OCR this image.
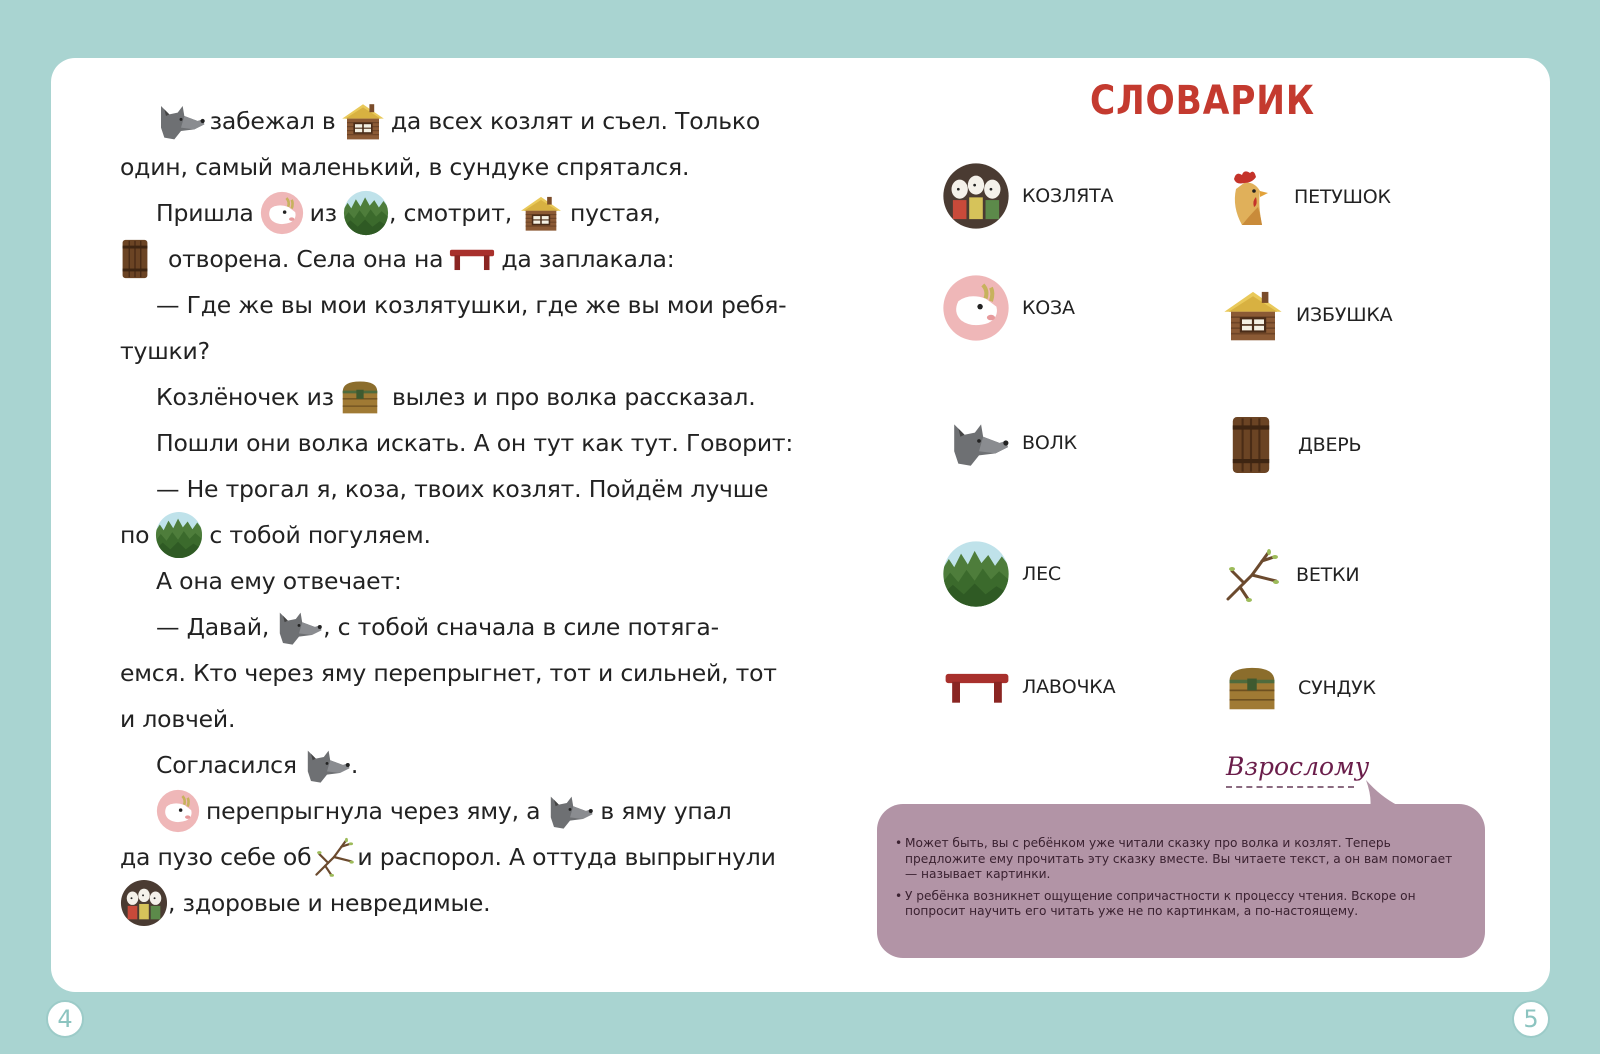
забежал в да всех козлят и съел. Только
один, самый маленький, в сундуке спрятался.
Пришла из , смотрит, пустая,
отворена. Села она на да заплакала:
— Где же вы мои козлятушки, где же вы мои ребя-
тушки?
Козлёночек из вылез и про волка рассказал.
Пошли они волка искать. А он тут как тут. Говорит:
— Не трогал я, коза, твоих козлят. Пойдём лучше
по	с тобой погуляем.
А она ему отвечает:
— Давай, , с тобой сначала в силе потяга-
емся. Кто через яму перепрыгнет, тот и сильней, тот
и ловчей.
Согласился .
перепрыгнула через яму, а	в яму упал
да пузо себе об и распорол. А оттуда выпрыгнули
, здоровые и невредимые.
СЛОВАРИК
КОЗЛЯТА	ПЕТУШОК
КОЗА	ИЗБУШКА
ВОЛК	ДВЕРЬ
ЛЕС	ВЕТКИ
ЛАВОЧКА	СУНДУК
Взрослому
• Может быть, вы с ребёнком уже читали сказку про волка и козлят. Теперь предложите ему прочитать эту сказку вместе. Вы читаете текст, а он вам помогает — называет картинки.
• У ребёнка возникнет ощущение сопричастности к процессу чтения. Вскоре он попросит научить его читать уже не по картинкам, а по-настоящему.
4	5
